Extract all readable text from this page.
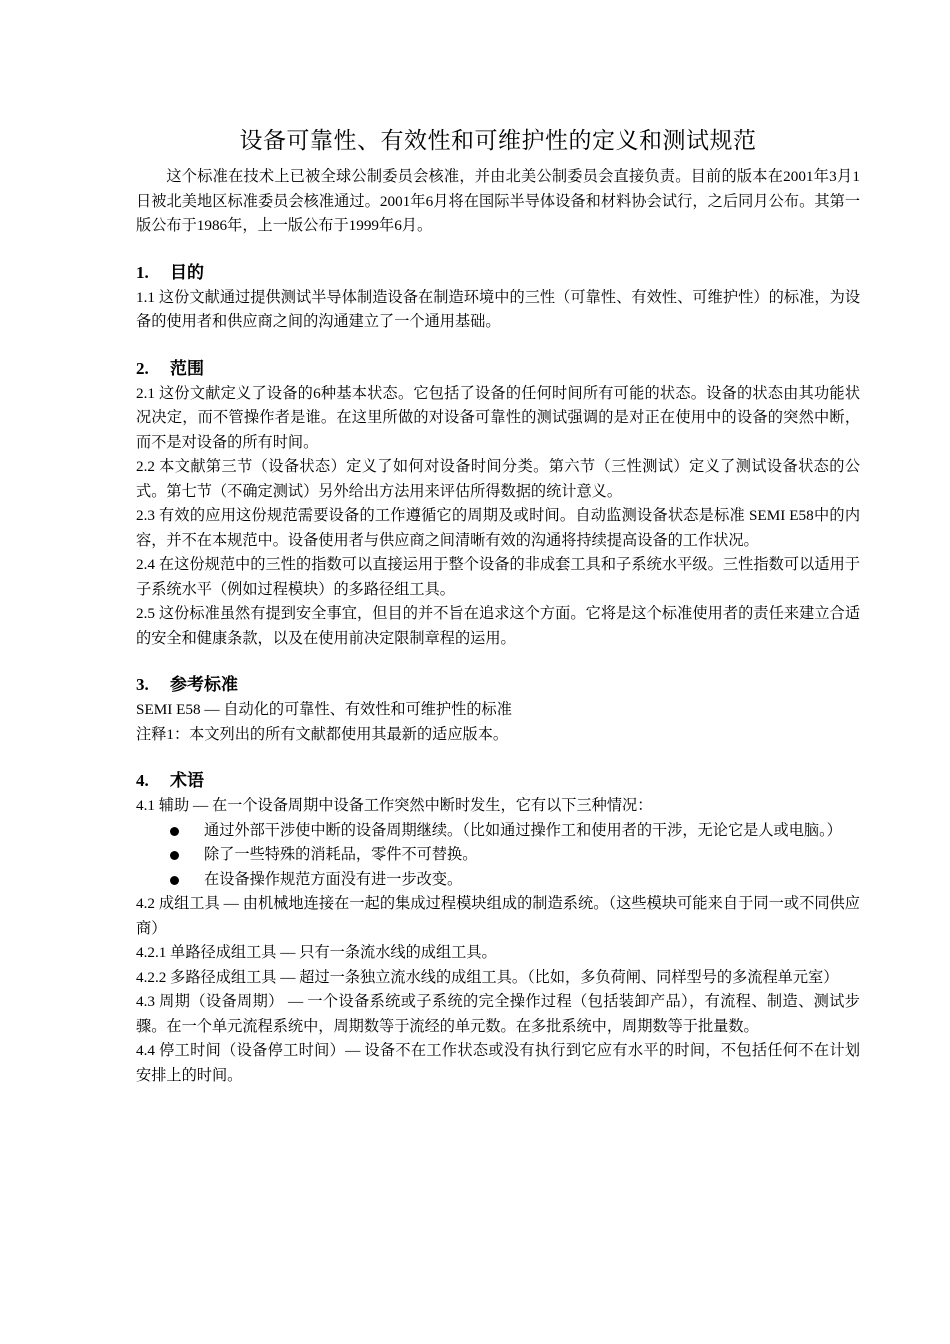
设备可靠性、有效性和可维护性的定义和测试规范

这个标准在技术上已被全球公制委员会核准，并由北美公制委员会直接负责。目前的版本在2001年3月1日被北美地区标准委员会核准通过。2001年6月将在国际半导体设备和材料协会试行，之后同月公布。其第一版公布于1986年，上一版公布于1999年6月。

1. 目的

1.1 这份文献通过提供测试半导体制造设备在制造环境中的三性（可靠性、有效性、可维护性）的标准，为设备的使用者和供应商之间的沟通建立了一个通用基础。

2. 范围

2.1 这份文献定义了设备的6种基本状态。它包括了设备的任何时间所有可能的状态。设备的状态由其功能状况决定，而不管操作者是谁。在这里所做的对设备可靠性的测试强调的是对正在使用中的设备的突然中断，而不是对设备的所有时间。

2.2 本文献第三节（设备状态）定义了如何对设备时间分类。第六节（三性测试）定义了测试设备状态的公式。第七节（不确定测试）另外给出方法用来评估所得数据的统计意义。

2.3 有效的应用这份规范需要设备的工作遵循它的周期及或时间。自动监测设备状态是标准 SEMI E58中的内容，并不在本规范中。设备使用者与供应商之间清晰有效的沟通将持续提高设备的工作状况。

2.4 在这份规范中的三性的指数可以直接运用于整个设备的非成套工具和子系统水平级。三性指数可以适用于子系统水平（例如过程模块）的多路径组工具。

2.5 这份标准虽然有提到安全事宜，但目的并不旨在追求这个方面。它将是这个标准使用者的责任来建立合适的安全和健康条款，以及在使用前决定限制章程的运用。

3. 参考标准

SEMI E58 — 自动化的可靠性、有效性和可维护性的标准

注释1：本文列出的所有文献都使用其最新的适应版本。

4. 术语

4.1 辅助 — 在一个设备周期中设备工作突然中断时发生，它有以下三种情况：

通过外部干涉使中断的设备周期继续。（比如通过操作工和使用者的干涉，无论它是人或电脑。）
除了一些特殊的消耗品，零件不可替换。
在设备操作规范方面没有进一步改变。

4.2 成组工具 — 由机械地连接在一起的集成过程模块组成的制造系统。（这些模块可能来自于同一或不同供应商）

4.2.1 单路径成组工具 — 只有一条流水线的成组工具。

4.2.2 多路径成组工具 — 超过一条独立流水线的成组工具。（比如，多负荷闸、同样型号的多流程单元室）

4.3 周期（设备周期） — 一个设备系统或子系统的完全操作过程（包括装卸产品），有流程、制造、测试步骤。在一个单元流程系统中，周期数等于流经的单元数。在多批系统中，周期数等于批量数。

4.4 停工时间（设备停工时间）— 设备不在工作状态或没有执行到它应有水平的时间，不包括任何不在计划安排上的时间。
